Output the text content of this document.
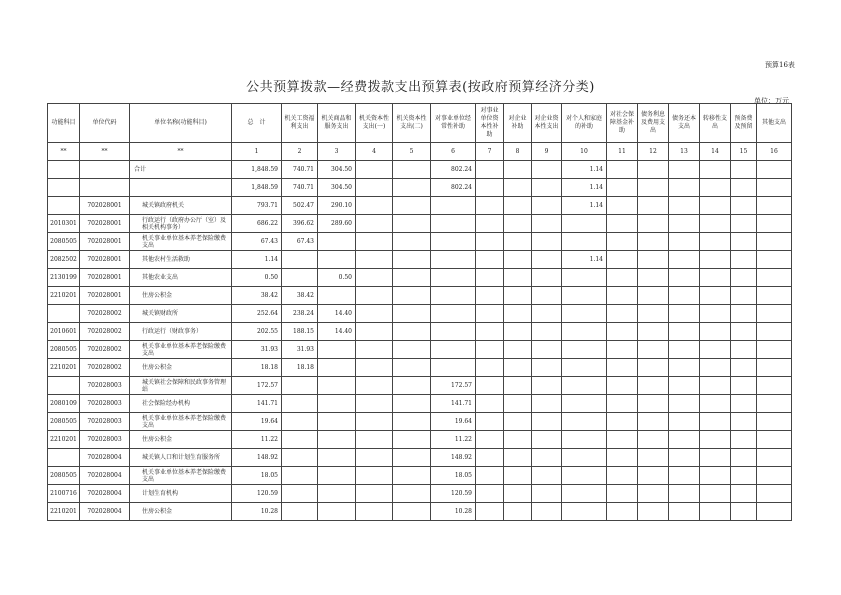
预算16表
公共预算拨款—经费拨款支出预算表(按政府预算经济分类)
单位：万元
功能科目	单位代码	单位名称(功能科目)	总　计	机关工资福利支出	机关商品和服务支出	机关资本性支出(一)	机关资本性支出(二)	对事业单位经常性补助	对事业单位资本性补助	对企业补助	对企业资本性支出	对个人和家庭的补助	对社会保障基金补助	债务利息及费用支出	债务还本支出	转移性支出	预备费及预留	其他支出
**	**	**	1	2	3	4	5	6	7	8	9	10	11	12	13	14	15	16
		合计	1,848.59	740.71	304.50			802.24				1.14						
			1,848.59	740.71	304.50			802.24				1.14						
	702028001	城关镇政府机关	793.71	502.47	290.10							1.14						
2010301	702028001	行政运行（政府办公厅（室）及相关机构事务）	686.22	396.62	289.60													
2080505	702028001	机关事业单位基本养老保险缴费支出	67.43	67.43														
2082502	702028001	其他农村生活救助	1.14									1.14						
2130199	702028001	其他农业支出	0.50		0.50													
2210201	702028001	住房公积金	38.42	38.42														
	702028002	城关镇财政所	252.64	238.24	14.40													
2010601	702028002	行政运行（财政事务）	202.55	188.15	14.40													
2080505	702028002	机关事业单位基本养老保险缴费支出	31.93	31.93														
2210201	702028002	住房公积金	18.18	18.18														
	702028003	城关镇社会保障和民政事务管理站	172.57					172.57										
2080109	702028003	社会保险经办机构	141.71					141.71										
2080505	702028003	机关事业单位基本养老保险缴费支出	19.64					19.64										
2210201	702028003	住房公积金	11.22					11.22										
	702028004	城关镇人口和计划生育服务所	148.92					148.92										
2080505	702028004	机关事业单位基本养老保险缴费支出	18.05					18.05										
2100716	702028004	计划生育机构	120.59					120.59										
2210201	702028004	住房公积金	10.28					10.28										
